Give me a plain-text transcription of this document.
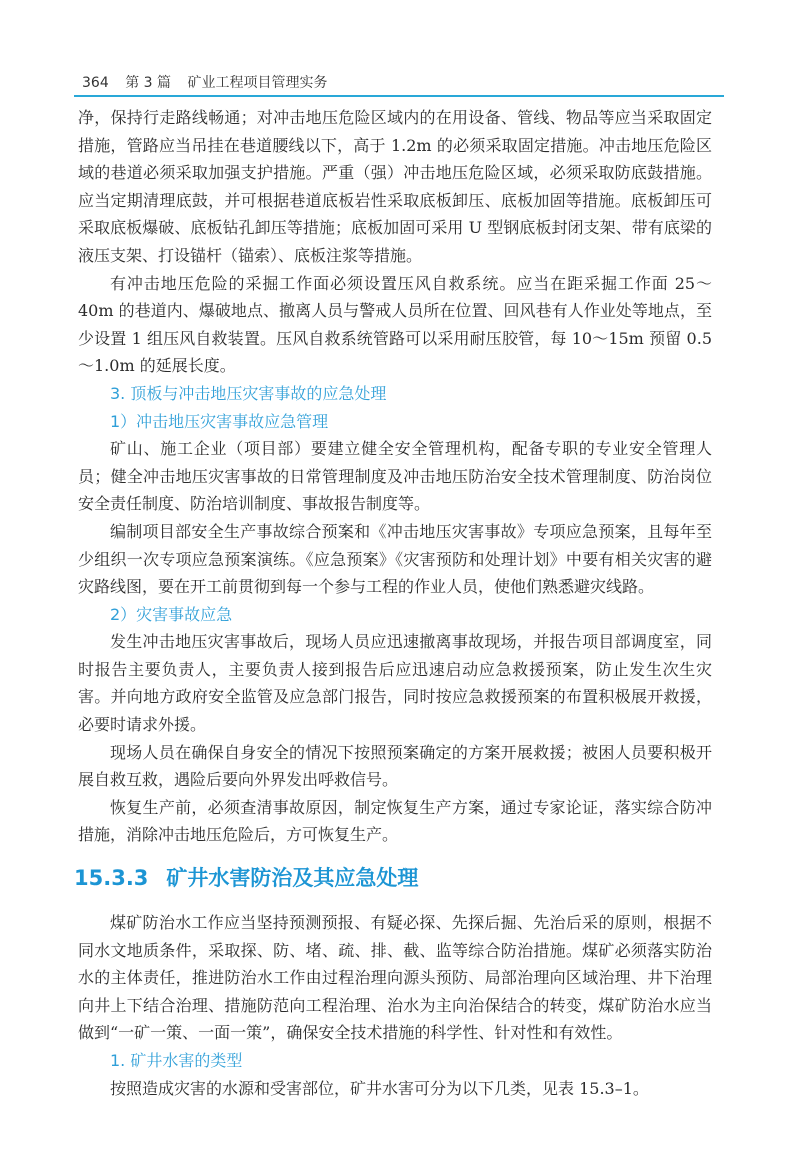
364 第 3 篇 矿业工程项目管理实务

净，保持行走路线畅通；对冲击地压危险区域内的在用设备、管线、物品等应当采取固定措施，管路应当吊挂在巷道腰线以下，高于 1.2m 的必须采取固定措施。冲击地压危险区域的巷道必须采取加强支护措施。严重（强）冲击地压危险区域，必须采取防底鼓措施。应当定期清理底鼓，并可根据巷道底板岩性采取底板卸压、底板加固等措施。底板卸压可采取底板爆破、底板钻孔卸压等措施；底板加固可采用 U 型钢底板封闭支架、带有底梁的液压支架、打设锚杆（锚索）、底板注浆等措施。

有冲击地压危险的采掘工作面必须设置压风自救系统。应当在距采掘工作面 25～40m 的巷道内、爆破地点、撤离人员与警戒人员所在位置、回风巷有人作业处等地点，至少设置 1 组压风自救装置。压风自救系统管路可以采用耐压胶管，每 10～15m 预留 0.5～1.0m 的延展长度。

3. 顶板与冲击地压灾害事故的应急处理
1）冲击地压灾害事故应急管理

矿山、施工企业（项目部）要建立健全安全管理机构，配备专职的专业安全管理人员；健全冲击地压灾害事故的日常管理制度及冲击地压防治安全技术管理制度、防治岗位安全责任制度、防治培训制度、事故报告制度等。

编制项目部安全生产事故综合预案和《冲击地压灾害事故》专项应急预案，且每年至少组织一次专项应急预案演练。《应急预案》《灾害预防和处理计划》中要有相关灾害的避灾路线图，要在开工前贯彻到每一个参与工程的作业人员，使他们熟悉避灾线路。

2）灾害事故应急

发生冲击地压灾害事故后，现场人员应迅速撤离事故现场，并报告项目部调度室，同时报告主要负责人，主要负责人接到报告后应迅速启动应急救援预案，防止发生次生灾害。并向地方政府安全监管及应急部门报告，同时按应急救援预案的布置积极展开救援，必要时请求外援。

现场人员在确保自身安全的情况下按照预案确定的方案开展救援；被困人员要积极开展自救互救，遇险后要向外界发出呼救信号。

恢复生产前，必须查清事故原因，制定恢复生产方案，通过专家论证，落实综合防冲措施，消除冲击地压危险后，方可恢复生产。

15.3.3 矿井水害防治及其应急处理

煤矿防治水工作应当坚持预测预报、有疑必探、先探后掘、先治后采的原则，根据不同水文地质条件，采取探、防、堵、疏、排、截、监等综合防治措施。煤矿必须落实防治水的主体责任，推进防治水工作由过程治理向源头预防、局部治理向区域治理、井下治理向井上下结合治理、措施防范向工程治理、治水为主向治保结合的转变，煤矿防治水应当做到“一矿一策、一面一策”，确保安全技术措施的科学性、针对性和有效性。

1. 矿井水害的类型

按照造成灾害的水源和受害部位，矿井水害可分为以下几类，见表 15.3–1。
